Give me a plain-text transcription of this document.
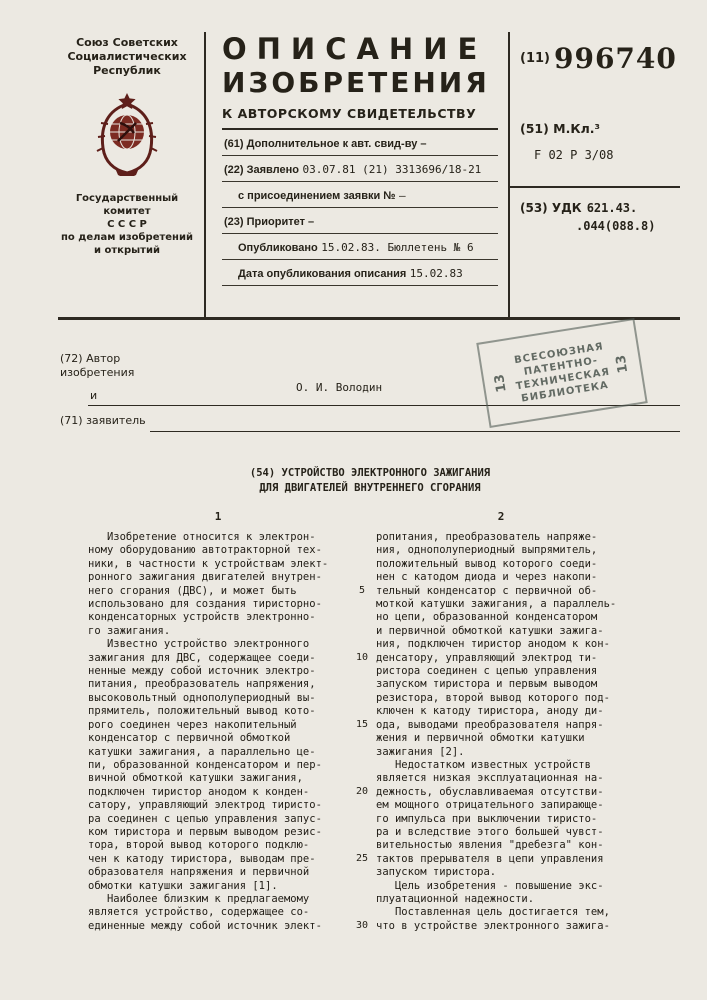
Союз Советских
Социалистических
Республик
Государственный комитет
С С С Р
по делам изобретений
и открытий
ОПИСАНИЕ
ИЗОБРЕТЕНИЯ
К АВТОРСКОМУ СВИДЕТЕЛЬСТВУ
(61) Дополнительное к авт. свид-ву –
(22) Заявлено 03.07.81 (21) 3313696/18-21
с присоединением заявки № –
(23) Приоритет –
Опубликовано 15.02.83. Бюллетень № 6
Дата опубликования описания 15.02.83
(11) 996740
(51) М.Кл.³
F 02 P 3/08
(53) УДК 621.43.
.044(088.8)
(72) Автор
изобретения
и
О. И. Володин
(71) заявитель
13
ВСЕСОЮЗНАЯ
ПАТЕНТНО-
ТЕХНИЧЕСКАЯ
БИБЛИОТЕКА
13
(54) УСТРОЙСТВО ЭЛЕКТРОННОГО ЗАЖИГАНИЯ
ДЛЯ ДВИГАТЕЛЕЙ ВНУТРЕННЕГО СГОРАНИЯ
1	2
Изобретение относится к электрон-
ному оборудованию автотракторной тех-
ники, в частности к устройствам элект-
ронного зажигания двигателей внутрен-
него сгорания (ДВС), и может быть
использовано для создания тиристорно-
конденсаторных устройств электронно-
го зажигания.
Известно устройство электронного
зажигания для ДВС, содержащее соеди-
ненные между собой источник электро-
питания, преобразователь напряжения,
высоковольтный однополупериодный вы-
прямитель, положительный вывод кото-
рого соединен через накопительный
конденсатор с первичной обмоткой
катушки зажигания, а параллельно це-
пи, образованной конденсатором и пер-
вичной обмоткой катушки зажигания,
подключен тиристор анодом к конден-
сатору, управляющий электрод тиристо-
ра соединен с цепью управления запус-
ком тиристора и первым выводом резис-
тора, второй вывод которого подклю-
чен к катоду тиристора, выводам пре-
образователя напряжения и первичной
обмотки катушки зажигания [1].
Наиболее близким к предлагаемому
является устройство, содержащее со-
единенные между собой источник элект-
5
10
15
20
25
30
ропитания, преобразователь напряже-
ния, однополупериодный выпрямитель,
положительный вывод которого соеди-
нен с катодом диода и через накопи-
тельный конденсатор с первичной об-
моткой катушки зажигания, а параллель-
но цепи, образованной конденсатором
и первичной обмоткой катушки зажига-
ния, подключен тиристор анодом к кон-
денсатору, управляющий электрод ти-
ристора соединен с цепью управления
запуском тиристора и первым выводом
резистора, второй вывод которого под-
ключен к катоду тиристора, аноду ди-
ода, выводами преобразователя напря-
жения и первичной обмотки катушки
зажигания [2].
Недостатком известных устройств
является низкая эксплуатационная на-
дежность, обуславливаемая отсутстви-
ем мощного отрицательного запирающе-
го импульса при выключении тиристо-
ра и вследствие этого большей чувст-
вительностью явления "дребезга" кон-
тактов прерывателя в цепи управления
запуском тиристора.
Цель изобретения - повышение экс-
плуатационной надежности.
Поставленная цель достигается тем,
что в устройстве электронного зажига-
